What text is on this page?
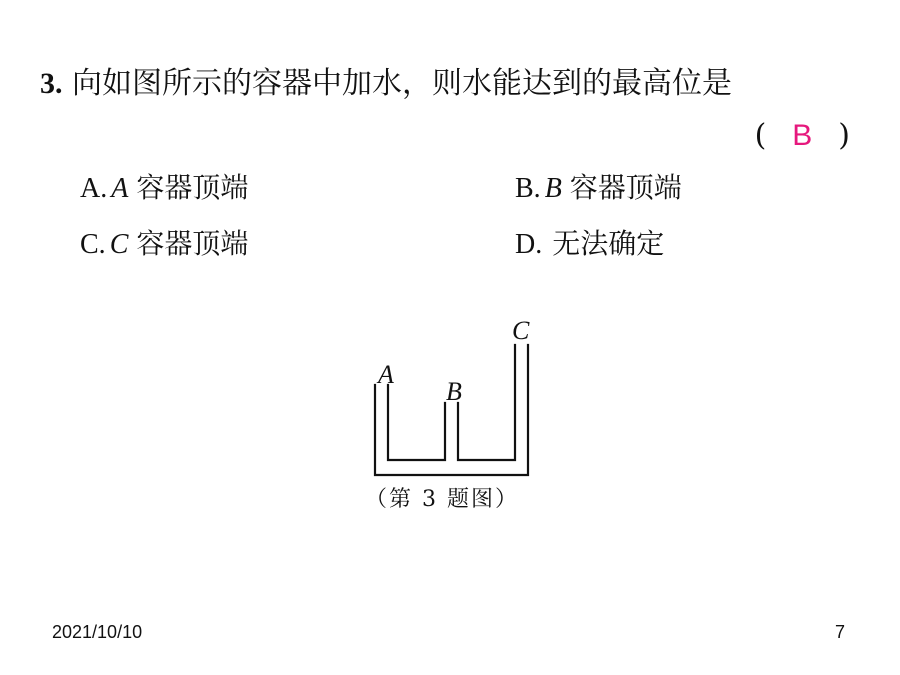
3. 向如图所示的容器中加水，则水能达到的最高位是
( B )
A. A 容器顶端	B. B 容器顶端
C. C 容器顶端	D. 无法确定
A
B
C
（第 3 题图）
2021/10/10	7
